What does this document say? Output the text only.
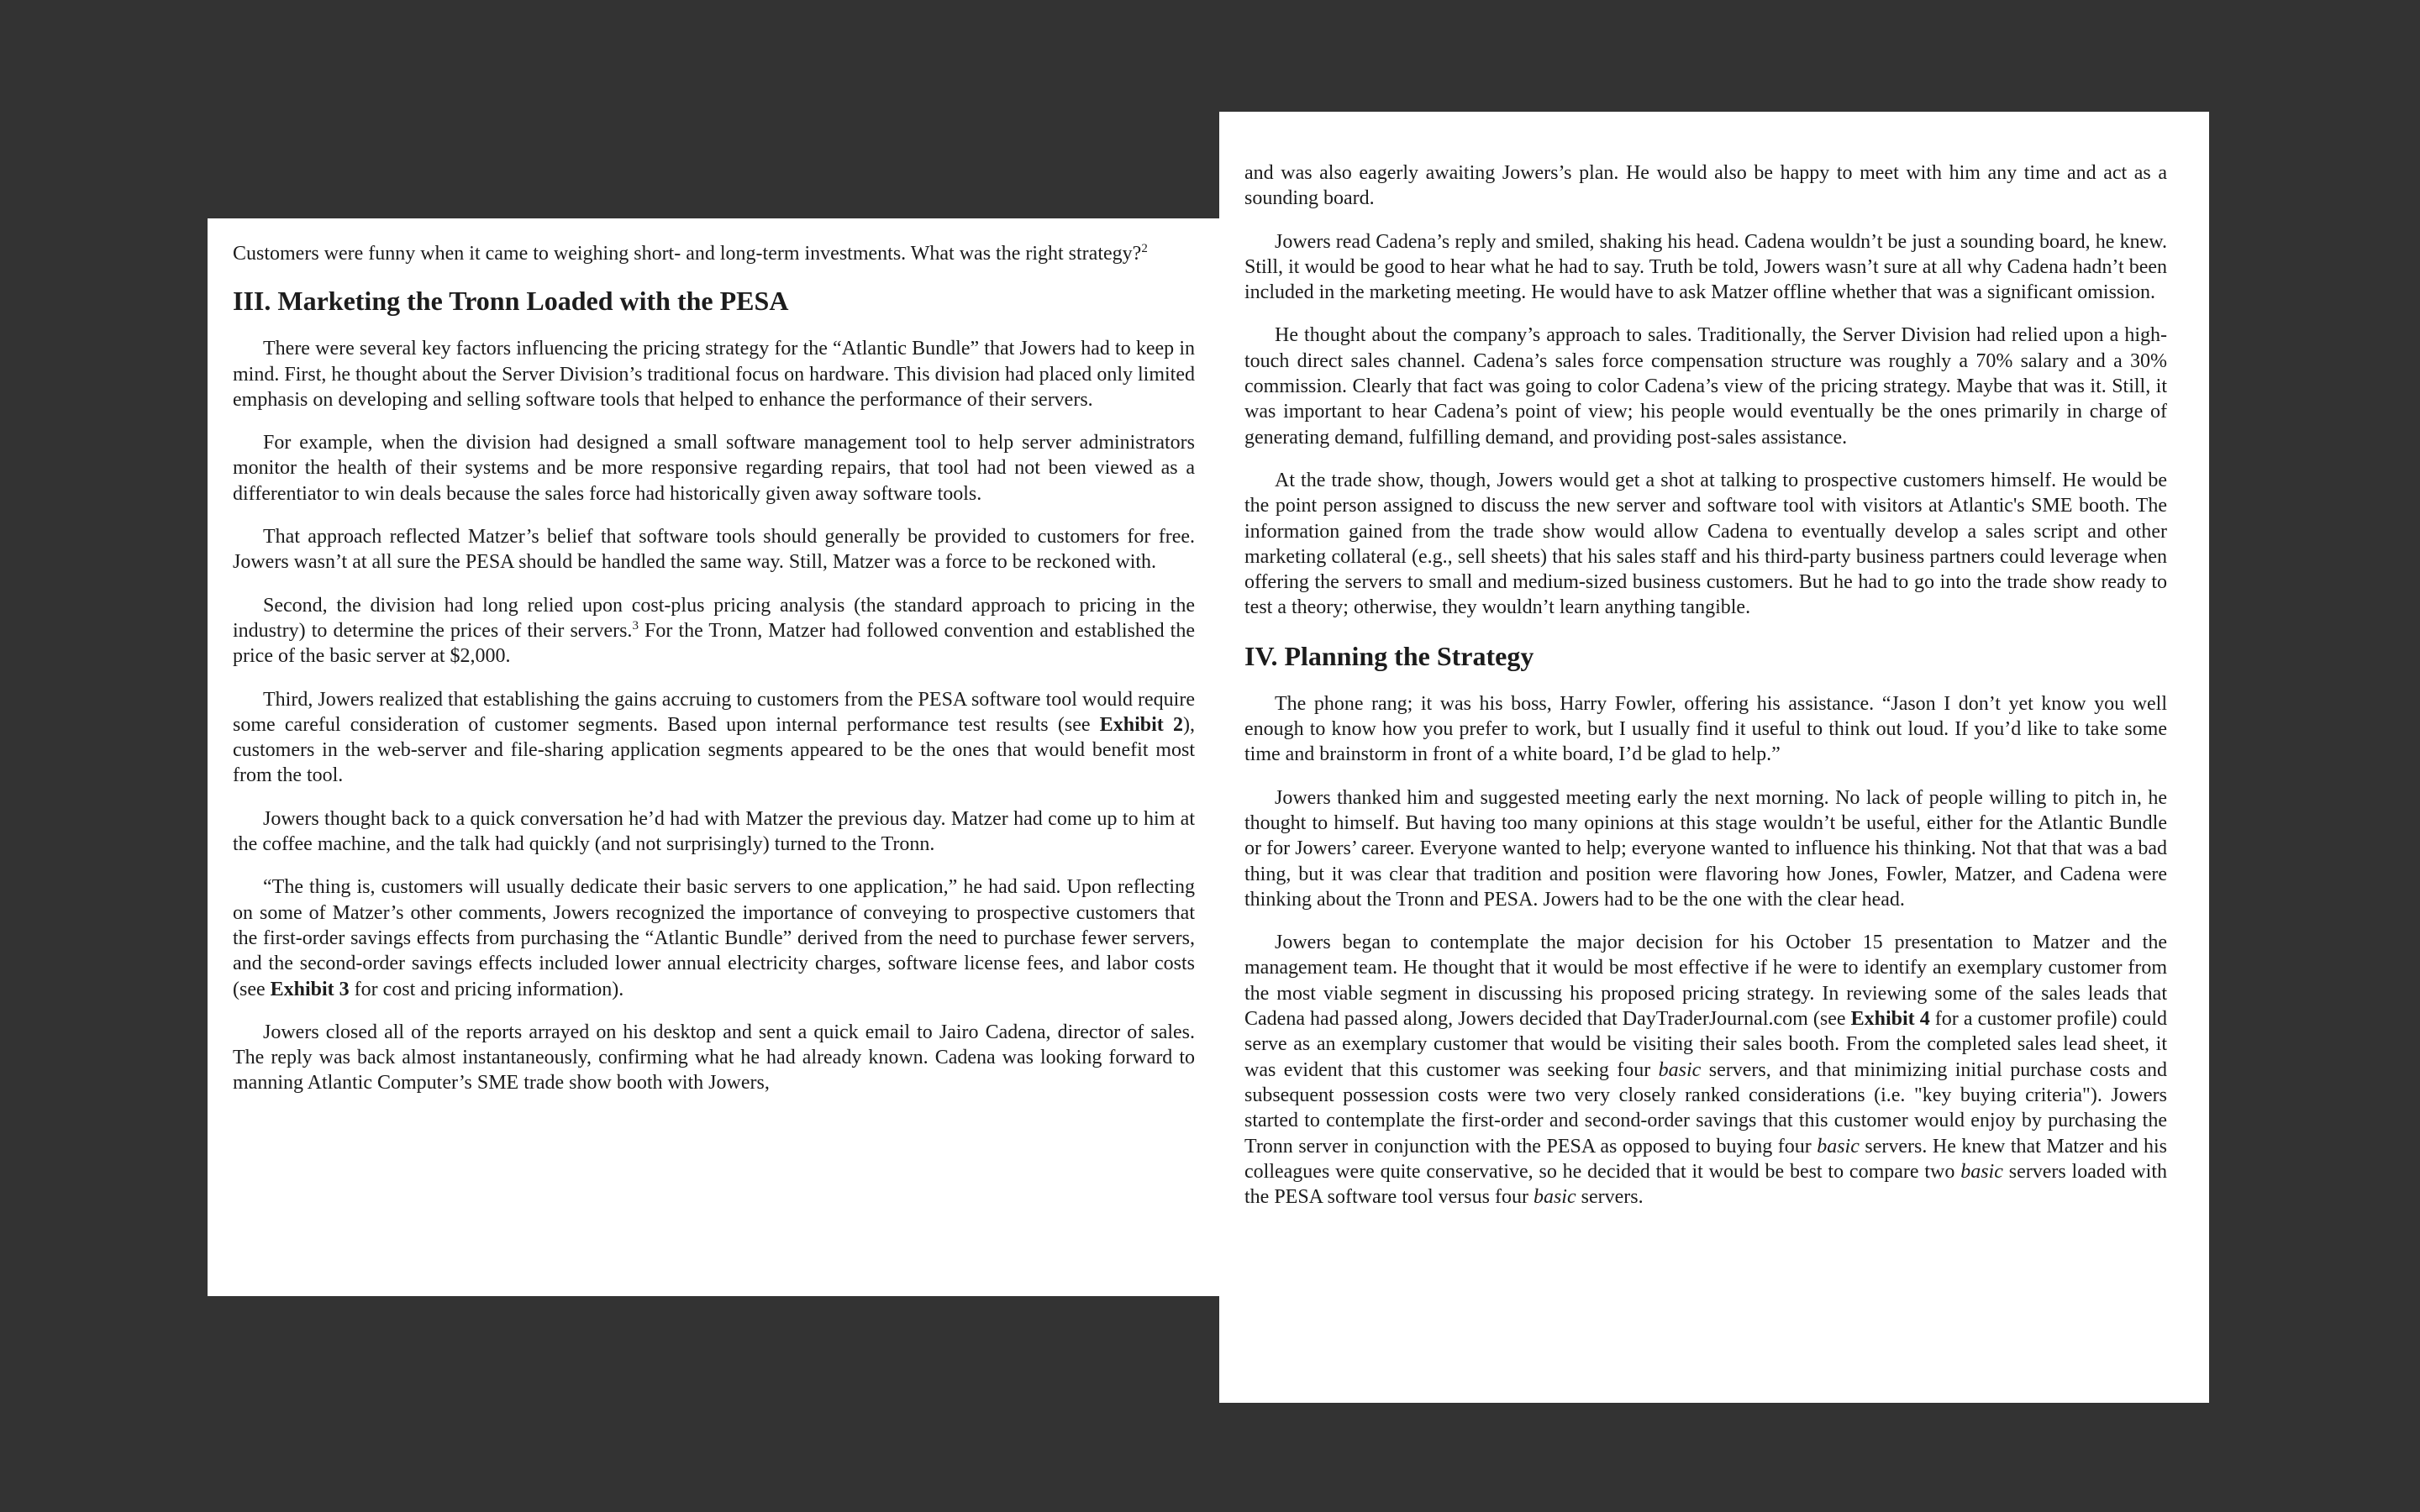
Customers were funny when it came to weighing short- and long-term investments. What was the right strategy?$^2$

III. Marketing the Tronn Loaded with the PESA

There were several key factors influencing the pricing strategy for the “Atlantic Bundle” that Jowers had to keep in mind. First, he thought about the Server Division’s traditional focus on hardware. This division had placed only limited emphasis on developing and selling software tools that helped to enhance the performance of their servers.

For example, when the division had designed a small software management tool to help server administrators monitor the health of their systems and be more responsive regarding repairs, that tool had not been viewed as a differentiator to win deals because the sales force had historically given away software tools.

That approach reflected Matzer’s belief that software tools should generally be provided to customers for free. Jowers wasn’t at all sure the PESA should be handled the same way. Still, Matzer was a force to be reckoned with.

Second, the division had long relied upon cost-plus pricing analysis (the standard approach to pricing in the industry) to determine the prices of their servers.$^3$ For the Tronn, Matzer had followed convention and established the price of the basic server at $2,000.

Third, Jowers realized that establishing the gains accruing to customers from the PESA software tool would require some careful consideration of customer segments. Based upon internal performance test results (see Exhibit 2), customers in the web-server and file-sharing application segments appeared to be the ones that would benefit most from the tool.

Jowers thought back to a quick conversation he’d had with Matzer the previous day. Matzer had come up to him at the coffee machine, and the talk had quickly (and not surprisingly) turned to the Tronn.

“The thing is, customers will usually dedicate their basic servers to one application,” he had said. Upon reflecting on some of Matzer’s other comments, Jowers recognized the importance of conveying to prospective customers that the first-order savings effects from purchasing the “Atlantic Bundle” derived from the need to purchase fewer servers, and the second-order savings effects included lower annual electricity charges, software license fees, and labor costs (see Exhibit 3 for cost and pricing information).

Jowers closed all of the reports arrayed on his desktop and sent a quick email to Jairo Cadena, director of sales. The reply was back almost instantaneously, confirming what he had already known. Cadena was looking forward to manning Atlantic Computer’s SME trade show booth with Jowers,

and was also eagerly awaiting Jowers’s plan. He would also be happy to meet with him any time and act as a sounding board.

Jowers read Cadena’s reply and smiled, shaking his head. Cadena wouldn’t be just a sounding board, he knew. Still, it would be good to hear what he had to say. Truth be told, Jowers wasn’t sure at all why Cadena hadn’t been included in the marketing meeting. He would have to ask Matzer offline whether that was a significant omission.

He thought about the company’s approach to sales. Traditionally, the Server Division had relied upon a high-touch direct sales channel. Cadena’s sales force compensation structure was roughly a 70% salary and a 30% commission. Clearly that fact was going to color Cadena’s view of the pricing strategy. Maybe that was it. Still, it was important to hear Cadena’s point of view; his people would eventually be the ones primarily in charge of generating demand, fulfilling demand, and providing post-sales assistance.

At the trade show, though, Jowers would get a shot at talking to prospective customers himself. He would be the point person assigned to discuss the new server and software tool with visitors at Atlantic's SME booth. The information gained from the trade show would allow Cadena to eventually develop a sales script and other marketing collateral (e.g., sell sheets) that his sales staff and his third-party business partners could leverage when offering the servers to small and medium-sized business customers. But he had to go into the trade show ready to test a theory; otherwise, they wouldn’t learn anything tangible.

IV. Planning the Strategy

The phone rang; it was his boss, Harry Fowler, offering his assistance. “Jason I don’t yet know you well enough to know how you prefer to work, but I usually find it useful to think out loud. If you’d like to take some time and brainstorm in front of a white board, I’d be glad to help.”

Jowers thanked him and suggested meeting early the next morning. No lack of people willing to pitch in, he thought to himself. But having too many opinions at this stage wouldn’t be useful, either for the Atlantic Bundle or for Jowers’ career. Everyone wanted to help; everyone wanted to influence his thinking. Not that that was a bad thing, but it was clear that tradition and position were flavoring how Jones, Fowler, Matzer, and Cadena were thinking about the Tronn and PESA. Jowers had to be the one with the clear head.

Jowers began to contemplate the major decision for his October 15 presentation to Matzer and the management team. He thought that it would be most effective if he were to identify an exemplary customer from the most viable segment in discussing his proposed pricing strategy. In reviewing some of the sales leads that Cadena had passed along, Jowers decided that DayTraderJournal.com (see Exhibit 4 for a customer profile) could serve as an exemplary customer that would be visiting their sales booth. From the completed sales lead sheet, it was evident that this customer was seeking four basic servers, and that minimizing initial purchase costs and subsequent possession costs were two very closely ranked considerations (i.e. "key buying criteria"). Jowers started to contemplate the first-order and second-order savings that this customer would enjoy by purchasing the Tronn server in conjunction with the PESA as opposed to buying four basic servers. He knew that Matzer and his colleagues were quite conservative, so he decided that it would be best to compare two basic servers loaded with the PESA software tool versus four basic servers.
